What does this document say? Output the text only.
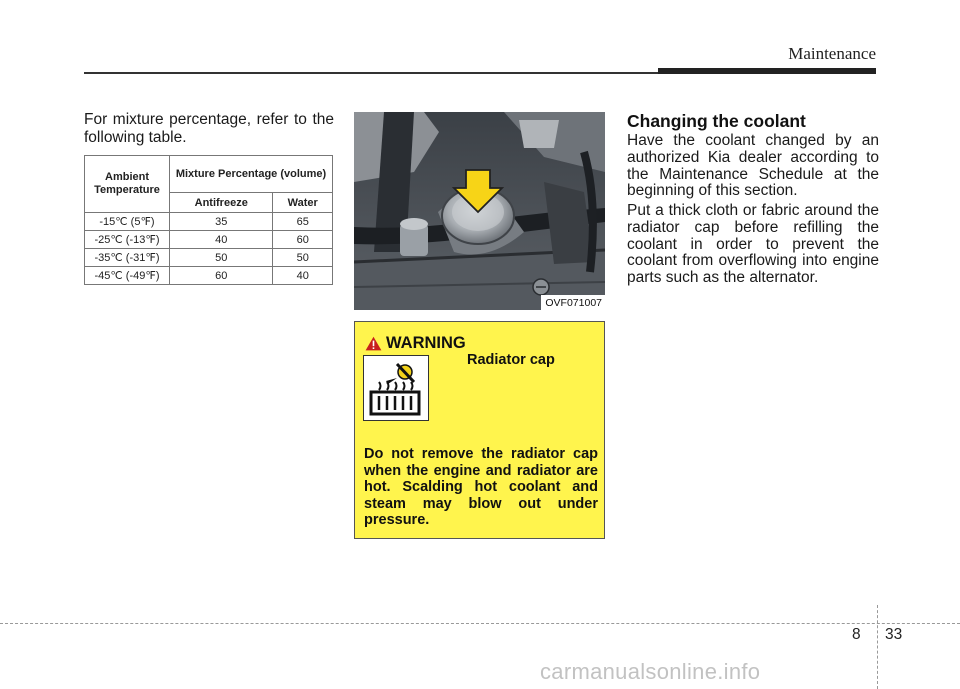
Maintenance
For mixture percentage, refer to the following table.
Ambient Temperature	Mixture Percentage (volume)	
	Antifreeze	Water
-15℃ (5℉)	35	65
-25℃ (-13℉)	40	60
-35℃ (-31℉)	50	50
-45℃ (-49℉)	60	40
OVF071007
WARNING
Radiator cap
Do not remove the radiator cap when the engine and radiator are hot. Scalding hot coolant and steam may blow out under pressure.
Changing the coolant
Have the coolant changed by an authorized Kia dealer according to the Maintenance Schedule at the beginning of this section.
Put a thick cloth or fabric around the radiator cap before refilling the coolant in order to prevent the coolant from overflowing into engine parts such as the alternator.
8 33
carmanualsonline.info
